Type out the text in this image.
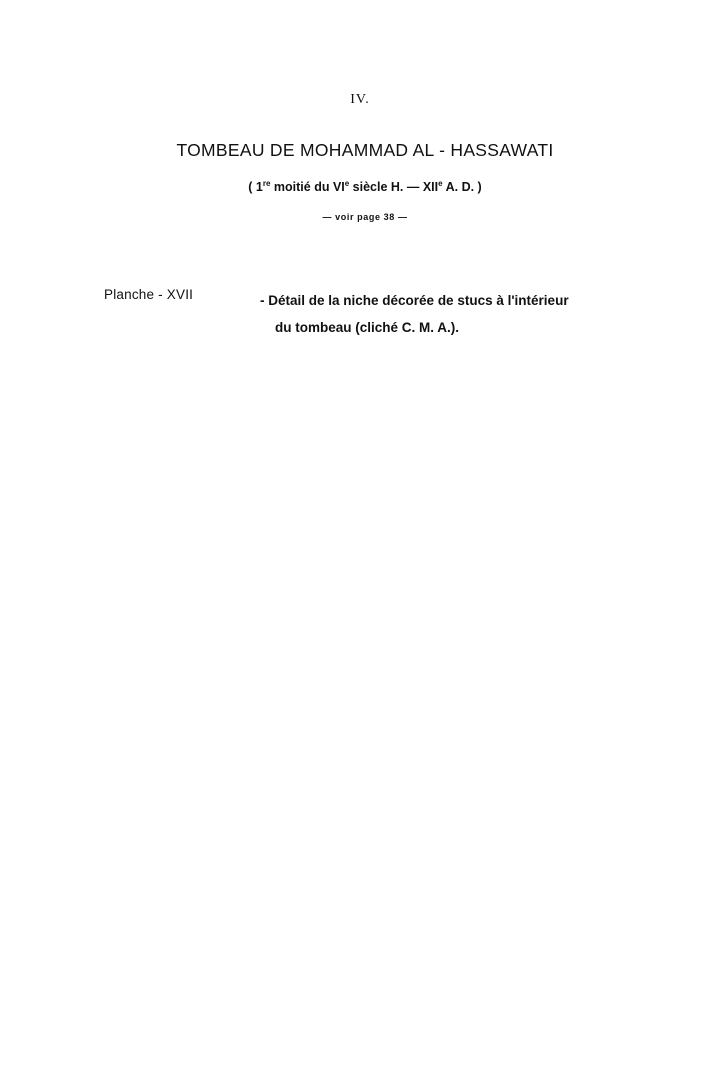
IV.
TOMBEAU DE MOHAMMAD AL - HASSAWATI
( 1re moitié du VIe siècle H. — XIIe A. D. )
— voir page 38 —
Planche - XVII	- Détail de la niche décorée de stucs à l'intérieur
du tombeau (cliché C. M. A.).
